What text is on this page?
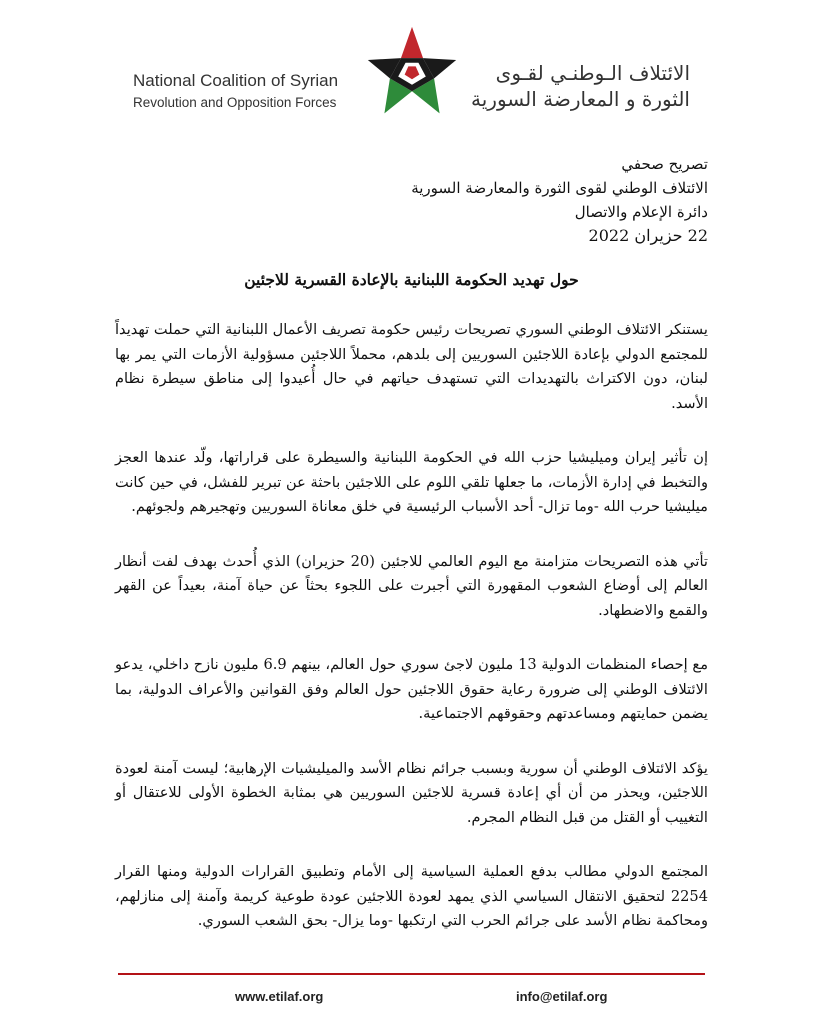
National Coalition of Syrian
Revolution and Opposition Forces
الائتلاف الـوطنـي لقـوى
الثورة و المعارضة السورية
تصريح صحفي
الائتلاف الوطني لقوى الثورة والمعارضة السورية
دائرة الإعلام والاتصال
22 حزيران 2022
حول تهديد الحكومة اللبنانية بالإعادة القسرية للاجئين

يستنكر الائتلاف الوطني السوري تصريحات رئيس حكومة تصريف الأعمال اللبنانية التي حملت تهديداً للمجتمع الدولي بإعادة اللاجئين السوريين إلى بلدهم، محملاً اللاجئين مسؤولية الأزمات التي يمر بها لبنان، دون الاكتراث بالتهديدات التي تستهدف حياتهم في حال أُعيدوا إلى مناطق سيطرة نظام الأسد.

إن تأثير إيران وميليشيا حزب الله في الحكومة اللبنانية والسيطرة على قراراتها، ولّد عندها العجز والتخبط في إدارة الأزمات، ما جعلها تلقي اللوم على اللاجئين باحثة عن تبرير للفشل، في حين كانت ميليشيا حرب الله -وما تزال- أحد الأسباب الرئيسية في خلق معاناة السوريين وتهجيرهم ولجوئهم.

تأتي هذه التصريحات متزامنة مع اليوم العالمي للاجئين (20 حزيران) الذي أُحدث بهدف لفت أنظار العالم إلى أوضاع الشعوب المقهورة التي أجبرت على اللجوء بحثاً عن حياة آمنة، بعيداً عن القهر والقمع والاضطهاد.

مع إحصاء المنظمات الدولية 13 مليون لاجئ سوري حول العالم، بينهم 6.9 مليون نازح داخلي، يدعو الائتلاف الوطني إلى ضرورة رعاية حقوق اللاجئين حول العالم وفق القوانين والأعراف الدولية، بما يضمن حمايتهم ومساعدتهم وحقوقهم الاجتماعية.

يؤكد الائتلاف الوطني أن سورية وبسبب جرائم نظام الأسد والميليشيات الإرهابية؛ ليست آمنة لعودة اللاجئين، ويحذر من أن أي إعادة قسرية للاجئين السوريين هي بمثابة الخطوة الأولى للاعتقال أو التغييب أو القتل من قبل النظام المجرم.

المجتمع الدولي مطالب بدفع العملية السياسية إلى الأمام وتطبيق القرارات الدولية ومنها القرار 2254 لتحقيق الانتقال السياسي الذي يمهد لعودة اللاجئين عودة طوعية كريمة وآمنة إلى منازلهم، ومحاكمة نظام الأسد على جرائم الحرب التي ارتكبها -وما يزال- بحق الشعب السوري.

www.etilaf.org	info@etilaf.org
